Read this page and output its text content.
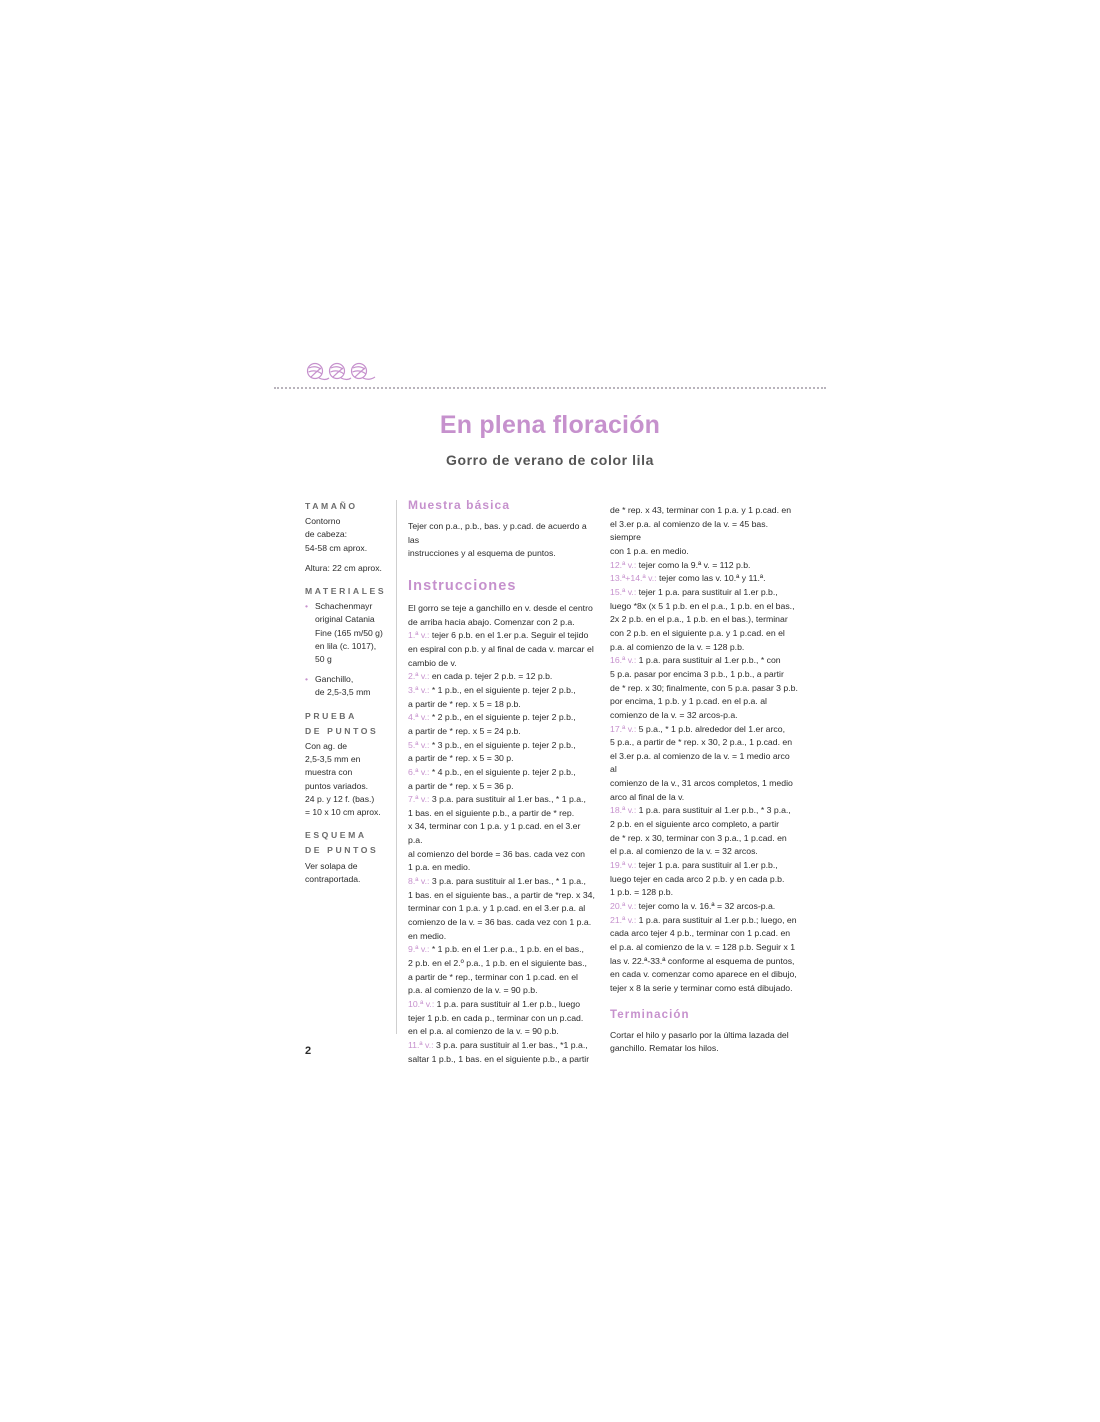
En plena floración
Gorro de verano de color lila
TAMAÑO

Contorno

de cabeza:

54-58 cm aprox.

Altura: 22 cm aprox.

MATERIALES
• Schachenmayr

original Catania

Fine (165 m/50 g)

en lila (c. 1017),

50 g

• Ganchillo,

de 2,5-3,5 mm

PRUEBA
DE PUNTOS

Con ag. de

2,5-3,5 mm en

muestra con

puntos variados.

24 p. y 12 f. (bas.)

= 10 x 10 cm aprox.

ESQUEMA
DE PUNTOS

Ver solapa de

contraportada.

Muestra básica

Tejer con p.a., p.b., bas. y p.cad. de acuerdo a las

instrucciones y al esquema de puntos.

Instrucciones

El gorro se teje a ganchillo en v. desde el centro

de arriba hacia abajo. Comenzar con 2 p.a.

1.ª v.: tejer 6 p.b. en el 1.er p.a. Seguir el tejido

en espiral con p.b. y al final de cada v. marcar el

cambio de v.

2.ª v.: en cada p. tejer 2 p.b. = 12 p.b.

3.ª v.: * 1 p.b., en el siguiente p. tejer 2 p.b.,

a partir de * rep. x 5 = 18 p.b.

4.ª v.: * 2 p.b., en el siguiente p. tejer 2 p.b.,

a partir de * rep. x 5 = 24 p.b.

5.ª v.: * 3 p.b., en el siguiente p. tejer 2 p.b.,

a partir de * rep. x 5 = 30 p.

6.ª v.: * 4 p.b., en el siguiente p. tejer 2 p.b.,

a partir de * rep. x 5 = 36 p.

7.ª v.: 3 p.a. para sustituir al 1.er bas., * 1 p.a.,

1 bas. en el siguiente p.b., a partir de * rep.

x 34, terminar con 1 p.a. y 1 p.cad. en el 3.er p.a.

al comienzo del borde = 36 bas. cada vez con

1 p.a. en medio.

8.ª v.: 3 p.a. para sustituir al 1.er bas., * 1 p.a.,

1 bas. en el siguiente bas., a partir de *rep. x 34,

terminar con 1 p.a. y 1 p.cad. en el 3.er p.a. al

comienzo de la v. = 36 bas. cada vez con 1 p.a.

en medio.

9.ª v.: * 1 p.b. en el 1.er p.a., 1 p.b. en el bas.,

2 p.b. en el 2.º p.a., 1 p.b. en el siguiente bas.,

a partir de * rep., terminar con 1 p.cad. en el

p.a. al comienzo de la v. = 90 p.b.

10.ª v.: 1 p.a. para sustituir al 1.er p.b., luego

tejer 1 p.b. en cada p., terminar con un p.cad.

en el p.a. al comienzo de la v. = 90 p.b.

11.ª v.: 3 p.a. para sustituir al 1.er bas., *1 p.a.,

saltar 1 p.b., 1 bas. en el siguiente p.b., a partir

de * rep. x 43, terminar con 1 p.a. y 1 p.cad. en

el 3.er p.a. al comienzo de la v. = 45 bas. siempre

con 1 p.a. en medio.

12.ª v.: tejer como la 9.ª v. = 112 p.b.

13.ª+14.ª v.: tejer como las v. 10.ª y 11.ª.

15.ª v.: tejer 1 p.a. para sustituir al 1.er p.b.,

luego *8x (x 5 1 p.b. en el p.a., 1 p.b. en el bas.,

2x 2 p.b. en el p.a., 1 p.b. en el bas.), terminar

con 2 p.b. en el siguiente p.a. y 1 p.cad. en el

p.a. al comienzo de la v. = 128 p.b.

16.ª v.: 1 p.a. para sustituir al 1.er p.b., * con

5 p.a. pasar por encima 3 p.b., 1 p.b., a partir

de * rep. x 30; finalmente, con 5 p.a. pasar 3 p.b.

por encima, 1 p.b. y 1 p.cad. en el p.a. al

comienzo de la v. = 32 arcos-p.a.

17.ª v.: 5 p.a., * 1 p.b. alrededor del 1.er arco,

5 p.a., a partir de * rep. x 30, 2 p.a., 1 p.cad. en

el 3.er p.a. al comienzo de la v. = 1 medio arco al

comienzo de la v., 31 arcos completos, 1 medio

arco al final de la v.

18.ª v.: 1 p.a. para sustituir al 1.er p.b., * 3 p.a.,

2 p.b. en el siguiente arco completo, a partir

de * rep. x 30, terminar con 3 p.a., 1 p.cad. en

el p.a. al comienzo de la v. = 32 arcos.

19.ª v.: tejer 1 p.a. para sustituir al 1.er p.b.,

luego tejer en cada arco 2 p.b. y en cada p.b.

1 p.b. = 128 p.b.

20.ª v.: tejer como la v. 16.ª = 32 arcos-p.a.

21.ª v.: 1 p.a. para sustituir al 1.er p.b.; luego, en

cada arco tejer 4 p.b., terminar con 1 p.cad. en

el p.a. al comienzo de la v. = 128 p.b. Seguir x 1

las v. 22.ª-33.ª conforme al esquema de puntos,

en cada v. comenzar como aparece en el dibujo,

tejer x 8 la serie y terminar como está dibujado.

Terminación

Cortar el hilo y pasarlo por la última lazada del

ganchillo. Rematar los hilos.

2
